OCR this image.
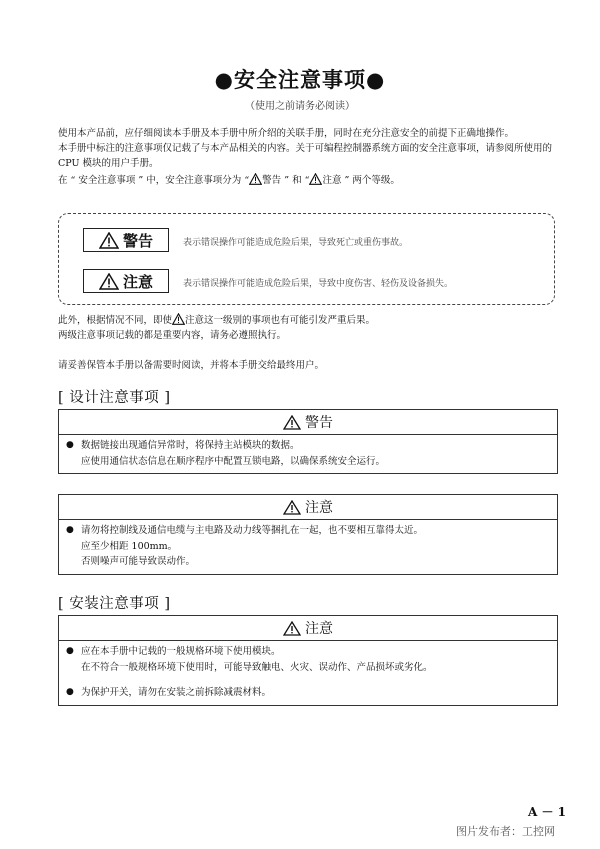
●安全注意事项●
（使用之前请务必阅读）

使用本产品前，应仔细阅读本手册及本手册中所介绍的关联手册，同时在充分注意安全的前提下正确地操作。

本手册中标注的注意事项仅记载了与本产品相关的内容。关于可编程控制器系统方面的安全注意事项，请参阅所使用的 CPU 模块的用户手册。

在 “ 安全注意事项 ” 中，安全注意事项分为 “ 警告 ” 和 “ 注意 ” 两个等级。

警告	表示错误操作可能造成危险后果，导致死亡或重伤事故。
注意	表示错误操作可能造成危险后果，导致中度伤害、轻伤及设备损失。

此外，根据情况不同，即使 注意这一级别的事项也有可能引发严重后果。

两级注意事项记载的都是重要内容，请务必遵照执行。

请妥善保管本手册以备需要时阅读，并将本手册交给最终用户。

[ 设计注意事项 ]
警告
● 数据链接出现通信异常时，将保持主站模块的数据。
应使用通信状态信息在顺序程序中配置互锁电路，以确保系统安全运行。
注意
● 请勿将控制线及通信电缆与主电路及动力线等捆扎在一起，也不要相互靠得太近。
应至少相距 100mm。
否则噪声可能导致误动作。
[ 安装注意事项 ]
注意
● 应在本手册中记载的一般规格环境下使用模块。
在不符合一般规格环境下使用时，可能导致触电、火灾、误动作、产品损坏或劣化。
● 为保护开关，请勿在安装之前拆除减震材料。
A － 1
图片发布者：工控网
